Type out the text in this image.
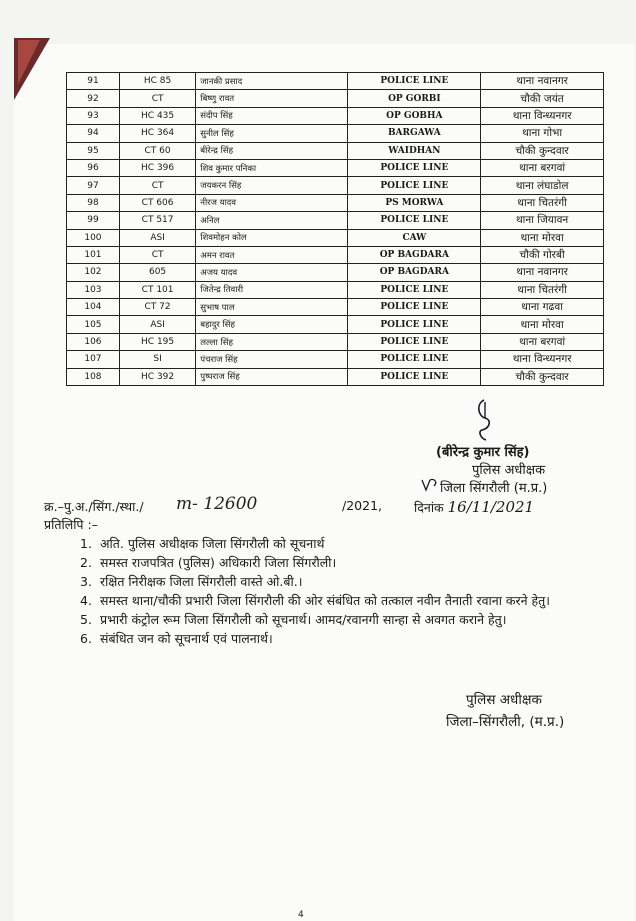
91	HC 85	जानकी प्रसाद	POLICE LINE	थाना नवानगर
92	CT	बिष्णु रावत	OP GORBI	चौकी जयंत
93	HC 435	संदीप सिंह	OP GOBHA	थाना विन्ध्यनगर
94	HC 364	सुनील सिंह	BARGAWA	थाना गोभा
95	CT 60	बीरेन्द्र सिंह	WAIDHAN	चौकी कुन्दवार
96	HC 396	शिव कुमार पनिका	POLICE LINE	थाना बरगवां
97	CT	जयकरन सिंह	POLICE LINE	थाना लंघाडोल
98	CT 606	नीरज यादव	PS MORWA	थाना चितरंगी
99	CT 517	अनिल	POLICE LINE	थाना जियावन
100	ASI	शिवमोहन कोल	CAW	थाना मोरवा
101	CT	अमन रावत	OP BAGDARA	चौकी गोरबी
102	605	अजय यादव	OP BAGDARA	थाना नवानगर
103	CT 101	जितेन्द्र तिवारी	POLICE LINE	थाना चितरंगी
104	CT 72	सुभाष पाल	POLICE LINE	थाना गढवा
105	ASI	बहादुर सिंह	POLICE LINE	थाना मोरवा
106	HC 195	लल्ला सिंह	POLICE LINE	थाना बरगवां
107	SI	पंचराज सिंह	POLICE LINE	थाना विन्ध्यनगर
108	HC 392	पुष्पराज सिंह	POLICE LINE	चौकी कुन्दवार
(बीरेन्द्र कुमार सिंह)
पुलिस अधीक्षक
जिला सिंगरौली (म.प्र.)
क्र.–पु.अ./सिंग./स्था./ m- 12600	/2021,	दिनांक 16/11/2021
प्रतिलिपि :–
1. अति. पुलिस अधीक्षक जिला सिंगरौली को सूचनार्थ
2. समस्त राजपत्रित (पुलिस) अधिकारी जिला सिंगरौली।
3. रक्षित निरीक्षक जिला सिंगरौली वास्ते ओ.बी.।
4. समस्त थाना/चौकी प्रभारी जिला सिंगरौली की ओर संबंधित को तत्काल नवीन तैनाती रवाना करने हेतु।
5. प्रभारी कंट्रोल रूम जिला सिंगरौली को सूचनार्थ। आमद/रवानगी सान्हा से अवगत कराने हेतु।
6. संबंधित जन को सूचनार्थ एवं पालनार्थ।
पुलिस अधीक्षक
जिला–सिंगरौली, (म.प्र.)
4
